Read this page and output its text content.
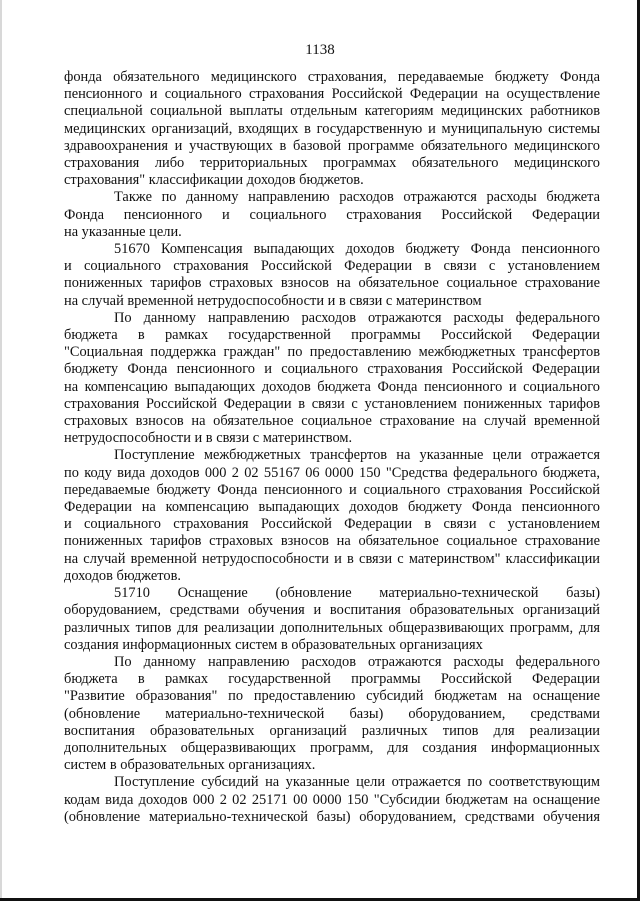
1138

фонда обязательного медицинского страхования, передаваемые бюджету Фонда
пенсионного и социального страхования Российской Федерации на осуществление
специальной социальной выплаты отдельным категориям медицинских работников
медицинских организаций, входящих в государственную и муниципальную системы
здравоохранения и участвующих в базовой программе обязательного медицинского
страхования либо территориальных программах обязательного медицинского
страхования" классификации доходов бюджетов.

Также по данному направлению расходов отражаются расходы бюджета
Фонда пенсионного и социального страхования Российской Федерации
на указанные цели.

51670 Компенсация выпадающих доходов бюджету Фонда пенсионного
и социального страхования Российской Федерации в связи с установлением
пониженных тарифов страховых взносов на обязательное социальное страхование
на случай временной нетрудоспособности и в связи с материнством

По данному направлению расходов отражаются расходы федерального
бюджета в рамках государственной программы Российской Федерации
"Социальная поддержка граждан" по предоставлению межбюджетных трансфертов
бюджету Фонда пенсионного и социального страхования Российской Федерации
на компенсацию выпадающих доходов бюджета Фонда пенсионного и социального
страхования Российской Федерации в связи с установлением пониженных тарифов
страховых взносов на обязательное социальное страхование на случай временной
нетрудоспособности и в связи с материнством.

Поступление межбюджетных трансфертов на указанные цели отражается
по коду вида доходов 000 2 02 55167 06 0000 150 "Средства федерального бюджета,
передаваемые бюджету Фонда пенсионного и социального страхования Российской
Федерации на компенсацию выпадающих доходов бюджету Фонда пенсионного
и социального страхования Российской Федерации в связи с установлением
пониженных тарифов страховых взносов на обязательное социальное страхование
на случай временной нетрудоспособности и в связи с материнством" классификации
доходов бюджетов.

51710 Оснащение (обновление материально-технической базы)
оборудованием, средствами обучения и воспитания образовательных организаций
различных типов для реализации дополнительных общеразвивающих программ, для
создания информационных систем в образовательных организациях

По данному направлению расходов отражаются расходы федерального
бюджета в рамках государственной программы Российской Федерации
"Развитие образования" по предоставлению субсидий бюджетам на оснащение
(обновление материально-технической базы) оборудованием, средствами
воспитания образовательных организаций различных типов для реализации
дополнительных общеразвивающих программ, для создания информационных
систем в образовательных организациях.

Поступление субсидий на указанные цели отражается по соответствующим
кодам вида доходов 000 2 02 25171 00 0000 150 "Субсидии бюджетам на оснащение
(обновление материально-технической базы) оборудованием, средствами обучения
